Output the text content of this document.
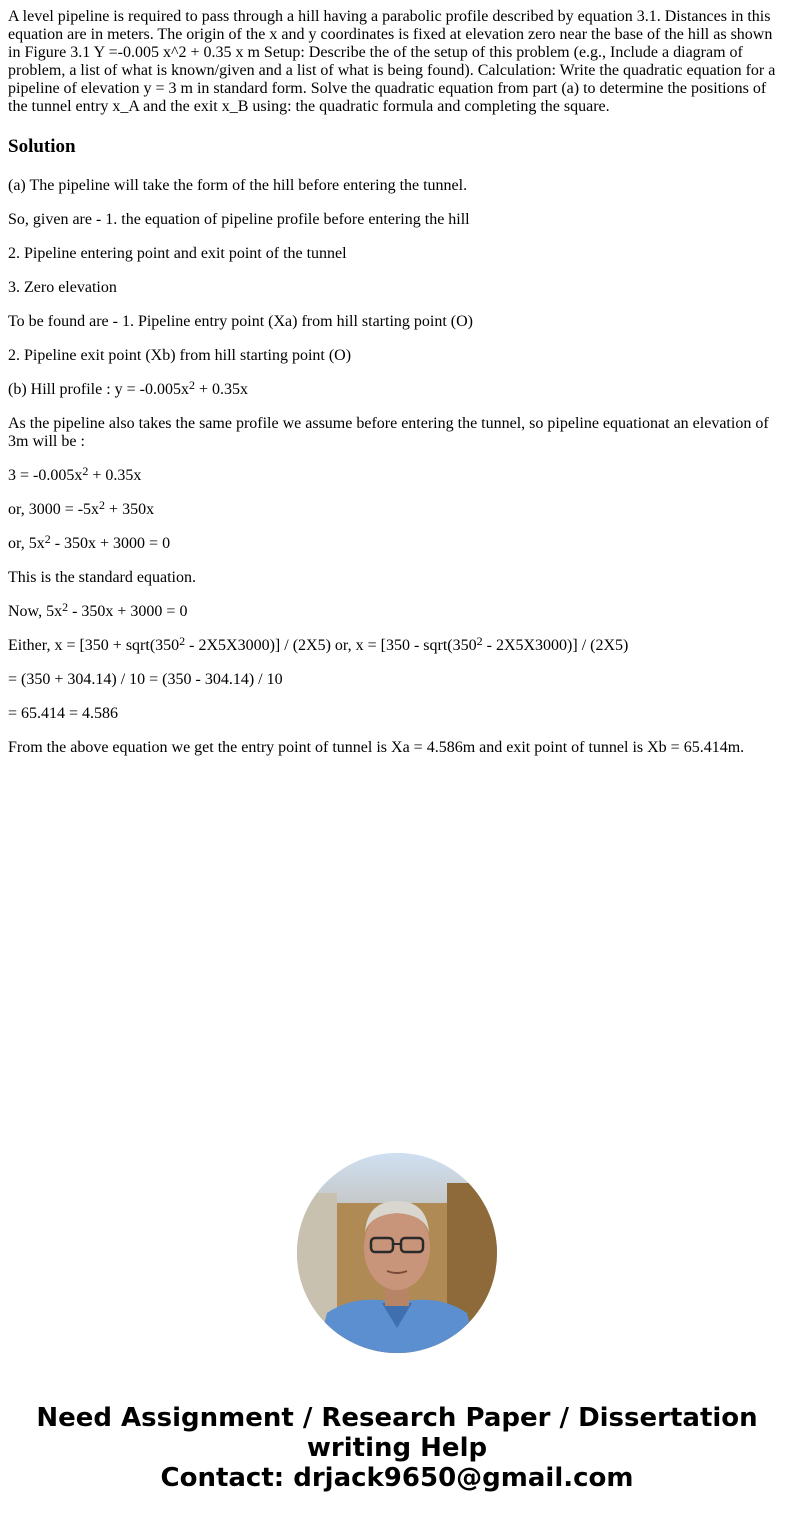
A level pipeline is required to pass through a hill having a parabolic profile described by equation 3.1. Distances in this equation are in meters. The origin of the x and y coordinates is fixed at elevation zero near the base of the hill as shown in Figure 3.1 Y =-0.005 x^2 + 0.35 x m Setup: Describe the of the setup of this problem (e.g., Include a diagram of problem, a list of what is known/given and a list of what is being found). Calculation: Write the quadratic equation for a pipeline of elevation y = 3 m in standard form. Solve the quadratic equation from part (a) to determine the positions of the tunnel entry x_A and the exit x_B using: the quadratic formula and completing the square.
Solution

(a) The pipeline will take the form of the hill before entering the tunnel.

So, given are - 1. the equation of pipeline profile before entering the hill

2. Pipeline entering point and exit point of the tunnel

3. Zero elevation

To be found are - 1. Pipeline entry point (Xa) from hill starting point (O)

2. Pipeline exit point (Xb) from hill starting point (O)

(b) Hill profile : $y = -0.005x^2 + 0.35x$

As the pipeline also takes the same profile we assume before entering the tunnel, so pipeline equationat an elevation of 3m will be :

$3 = -0.005x^2 + 0.35x$

or, $3000 = -5x^2 + 350x$

or, $5x^2 - 350x + 3000 = 0$

This is the standard equation.

Now, $5x^2 - 350x + 3000 = 0$

Either, $x = [350 + sqrt(350^2 - 2X5X3000)] / (2X5)$ or, $x = [350 - sqrt(350^2 - 2X5X3000)] / (2X5)$

= (350 + 304.14) / 10 = (350 - 304.14) / 10

= 65.414 = 4.586

From the above equation we get the entry point of tunnel is Xa = 4.586m and exit point of tunnel is Xb = 65.414m.

Need Assignment / Research Paper / Dissertation
writing Help
Contact: drjack9650@gmail.com
